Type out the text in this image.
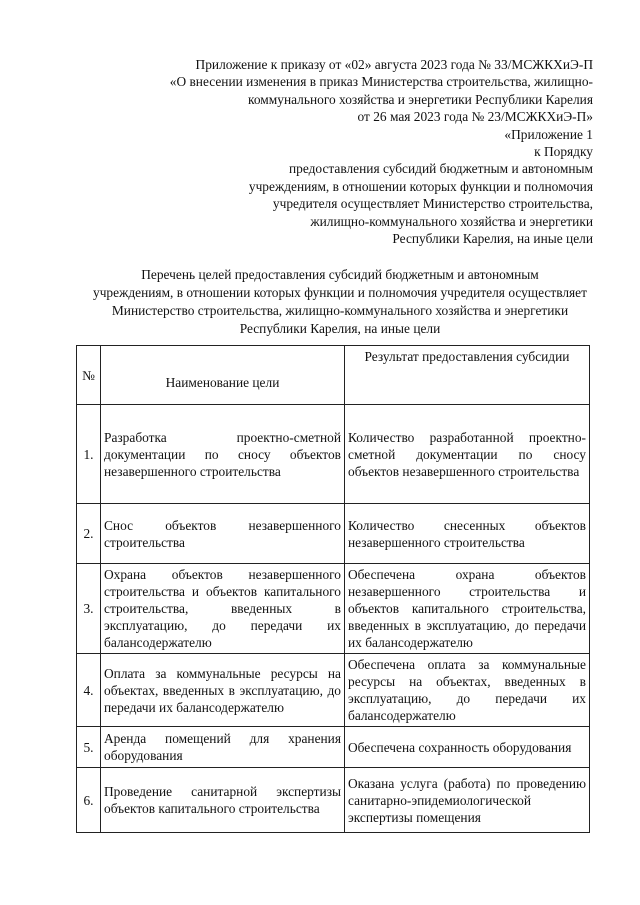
Приложение к приказу от «02» августа 2023 года № 33/МСЖКХиЭ-П
«О внесении изменения в приказ Министерства строительства, жилищно-
коммунального хозяйства и энергетики Республики Карелия
от 26 мая 2023 года № 23/МСЖКХиЭ-П»
«Приложение 1
к Порядку
предоставления субсидий бюджетным и автономным
учреждениям, в отношении которых функции и полномочия
учредителя осуществляет Министерство строительства,
жилищно-коммунального хозяйства и энергетики
Республики Карелия, на иные цели
Перечень целей предоставления субсидий бюджетным и автономным
учреждениям, в отношении которых функции и полномочия учредителя осуществляет
Министерство строительства, жилищно-коммунального хозяйства и энергетики
Республики Карелия, на иные цели
№	Наименование цели	Результат предоставления субсидии
1.	Разработка проектно-сметной документации по сносу объектов незавершенного строительства	Количество разработанной проектно-сметной документации по сносу объектов незавершенного строительства
2.	Снос объектов незавершенного строительства	Количество снесенных объектов незавершенного строительства
3.	Охрана объектов незавершенного строительства и объектов капитального строительства, введенных в эксплуатацию, до передачи их балансодержателю	Обеспечена охрана объектов незавершенного строительства и объектов капитального строительства, введенных в эксплуатацию, до передачи их балансодержателю
4.	Оплата за коммунальные ресурсы на объектах, введенных в эксплуатацию, до передачи их балансодержателю	Обеспечена оплата за коммунальные ресурсы на объектах, введенных в эксплуатацию, до передачи их балансодержателю
5.	Аренда помещений для хранения оборудования	Обеспечена сохранность оборудования
6.	Проведение санитарной экспертизы объектов капитального строительства	Оказана услуга (работа) по проведению санитарно-эпидемиологической экспертизы помещения
